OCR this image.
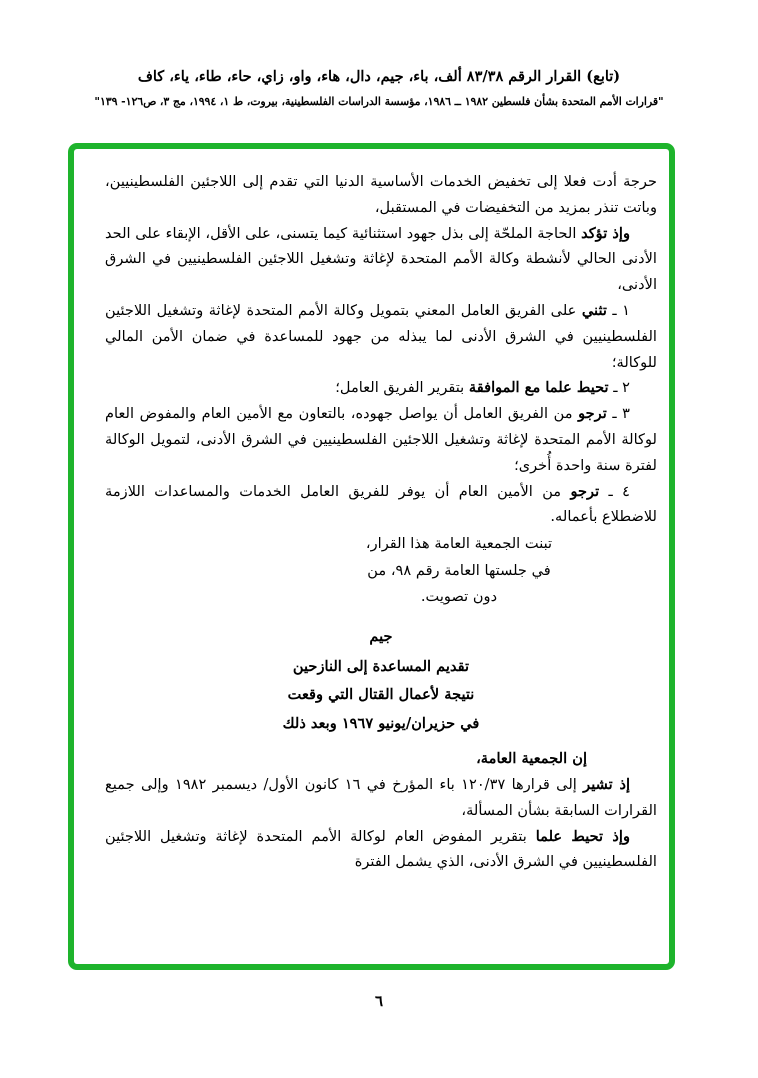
(تابع) القرار الرقم ٨٣/٣٨ ألف، باء، جيم، دال، هاء، واو، زاي، حاء، طاء، ياء، كاف
"قرارات الأمم المتحدة بشأن فلسطين ١٩٨٢ ــ ١٩٨٦، مؤسسة الدراسات الفلسطينية، بيروت، ط ١، ١٩٩٤، مج ٣، ص١٢٦- ١٣٩"

حرجة أدت فعلا إلى تخفيض الخدمات الأساسية الدنيا التي تقدم إلى اللاجئين الفلسطينيين، وباتت تنذر بمزيد من التخفيضات في المستقبل،

وإذ تؤكد الحاجة الملحّة إلى بذل جهود استثنائية كيما يتسنى، على الأقل، الإبقاء على الحد الأدنى الحالي لأنشطة وكالة الأمم المتحدة لإغاثة وتشغيل اللاجئين الفلسطينيين في الشرق الأدنى،

١ ـ تثني على الفريق العامل المعني بتمويل وكالة الأمم المتحدة لإغاثة وتشغيل اللاجئين الفلسطينيين في الشرق الأدنى لما يبذله من جهود للمساعدة في ضمان الأمن المالي للوكالة؛

٢ ـ تحيط علما مع الموافقة بتقرير الفريق العامل؛

٣ ـ ترجو من الفريق العامل أن يواصل جهوده، بالتعاون مع الأمين العام والمفوض العام لوكالة الأمم المتحدة لإغاثة وتشغيل اللاجئين الفلسطينيين في الشرق الأدنى، لتمويل الوكالة لفترة سنة واحدة أُخرى؛

٤ ـ ترجو من الأمين العام أن يوفر للفريق العامل الخدمات والمساعدات اللازمة للاضطلاع بأعماله.

تبنت الجمعية العامة هذا القرار،
في جلستها العامة رقم ٩٨، من
دون تصويت.
جيم
تقديم المساعدة إلى النازحين
نتيجة لأعمال القتال التي وقعت
في حزيران/يونيو ١٩٦٧ وبعد ذلك

إن الجمعية العامة،

إذ تشير إلى قرارها ١٢٠/٣٧ باء المؤرخ في ١٦ كانون الأول/ ديسمبر ١٩٨٢ وإلى جميع القرارات السابقة بشأن المسألة،

وإذ تحيط علما بتقرير المفوض العام لوكالة الأمم المتحدة لإغاثة وتشغيل اللاجئين الفلسطينيين في الشرق الأدنى، الذي يشمل الفترة

٦
